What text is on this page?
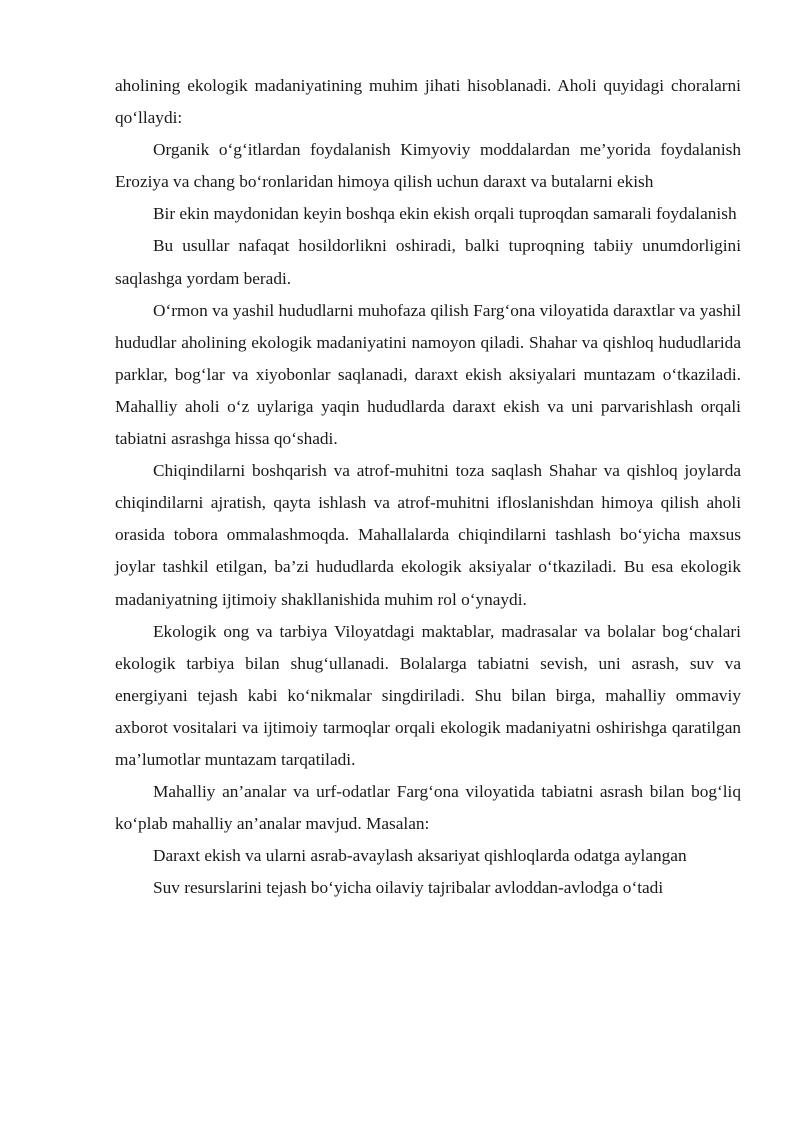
aholining ekologik madaniyatining muhim jihati hisoblanadi. Aholi quyidagi choralarni qo‘llaydi:

Organik o‘g‘itlardan foydalanish Kimyoviy moddalardan me’yorida foydalanish Eroziya va chang bo‘ronlaridan himoya qilish uchun daraxt va butalarni ekish

Bir ekin maydonidan keyin boshqa ekin ekish orqali tuproqdan samarali foydalanish

Bu usullar nafaqat hosildorlikni oshiradi, balki tuproqning tabiiy unumdorligini saqlashga yordam beradi.

O‘rmon va yashil hududlarni muhofaza qilish Farg‘ona viloyatida daraxtlar va yashil hududlar aholining ekologik madaniyatini namoyon qiladi. Shahar va qishloq hududlarida parklar, bog‘lar va xiyobonlar saqlanadi, daraxt ekish aksiyalari muntazam o‘tkaziladi. Mahalliy aholi o‘z uylariga yaqin hududlarda daraxt ekish va uni parvarishlash orqali tabiatni asrashga hissa qo‘shadi.

Chiqindilarni boshqarish va atrof-muhitni toza saqlash Shahar va qishloq joylarda chiqindilarni ajratish, qayta ishlash va atrof-muhitni ifloslanishdan himoya qilish aholi orasida tobora ommalashmoqda. Mahallalarda chiqindilarni tashlash bo‘yicha maxsus joylar tashkil etilgan, ba’zi hududlarda ekologik aksiyalar o‘tkaziladi. Bu esa ekologik madaniyatning ijtimoiy shakllanishida muhim rol o‘ynaydi.

Ekologik ong va tarbiya Viloyatdagi maktablar, madrasalar va bolalar bog‘chalari ekologik tarbiya bilan shug‘ullanadi. Bolalarga tabiatni sevish, uni asrash, suv va energiyani tejash kabi ko‘nikmalar singdiriladi. Shu bilan birga, mahalliy ommaviy axborot vositalari va ijtimoiy tarmoqlar orqali ekologik madaniyatni oshirishga qaratilgan ma’lumotlar muntazam tarqatiladi.

Mahalliy an’analar va urf-odatlar Farg‘ona viloyatida tabiatni asrash bilan bog‘liq ko‘plab mahalliy an’analar mavjud. Masalan:

Daraxt ekish va ularni asrab-avaylash aksariyat qishloqlarda odatga aylangan

Suv resurslarini tejash bo‘yicha oilaviy tajribalar avloddan-avlodga o‘tadi
